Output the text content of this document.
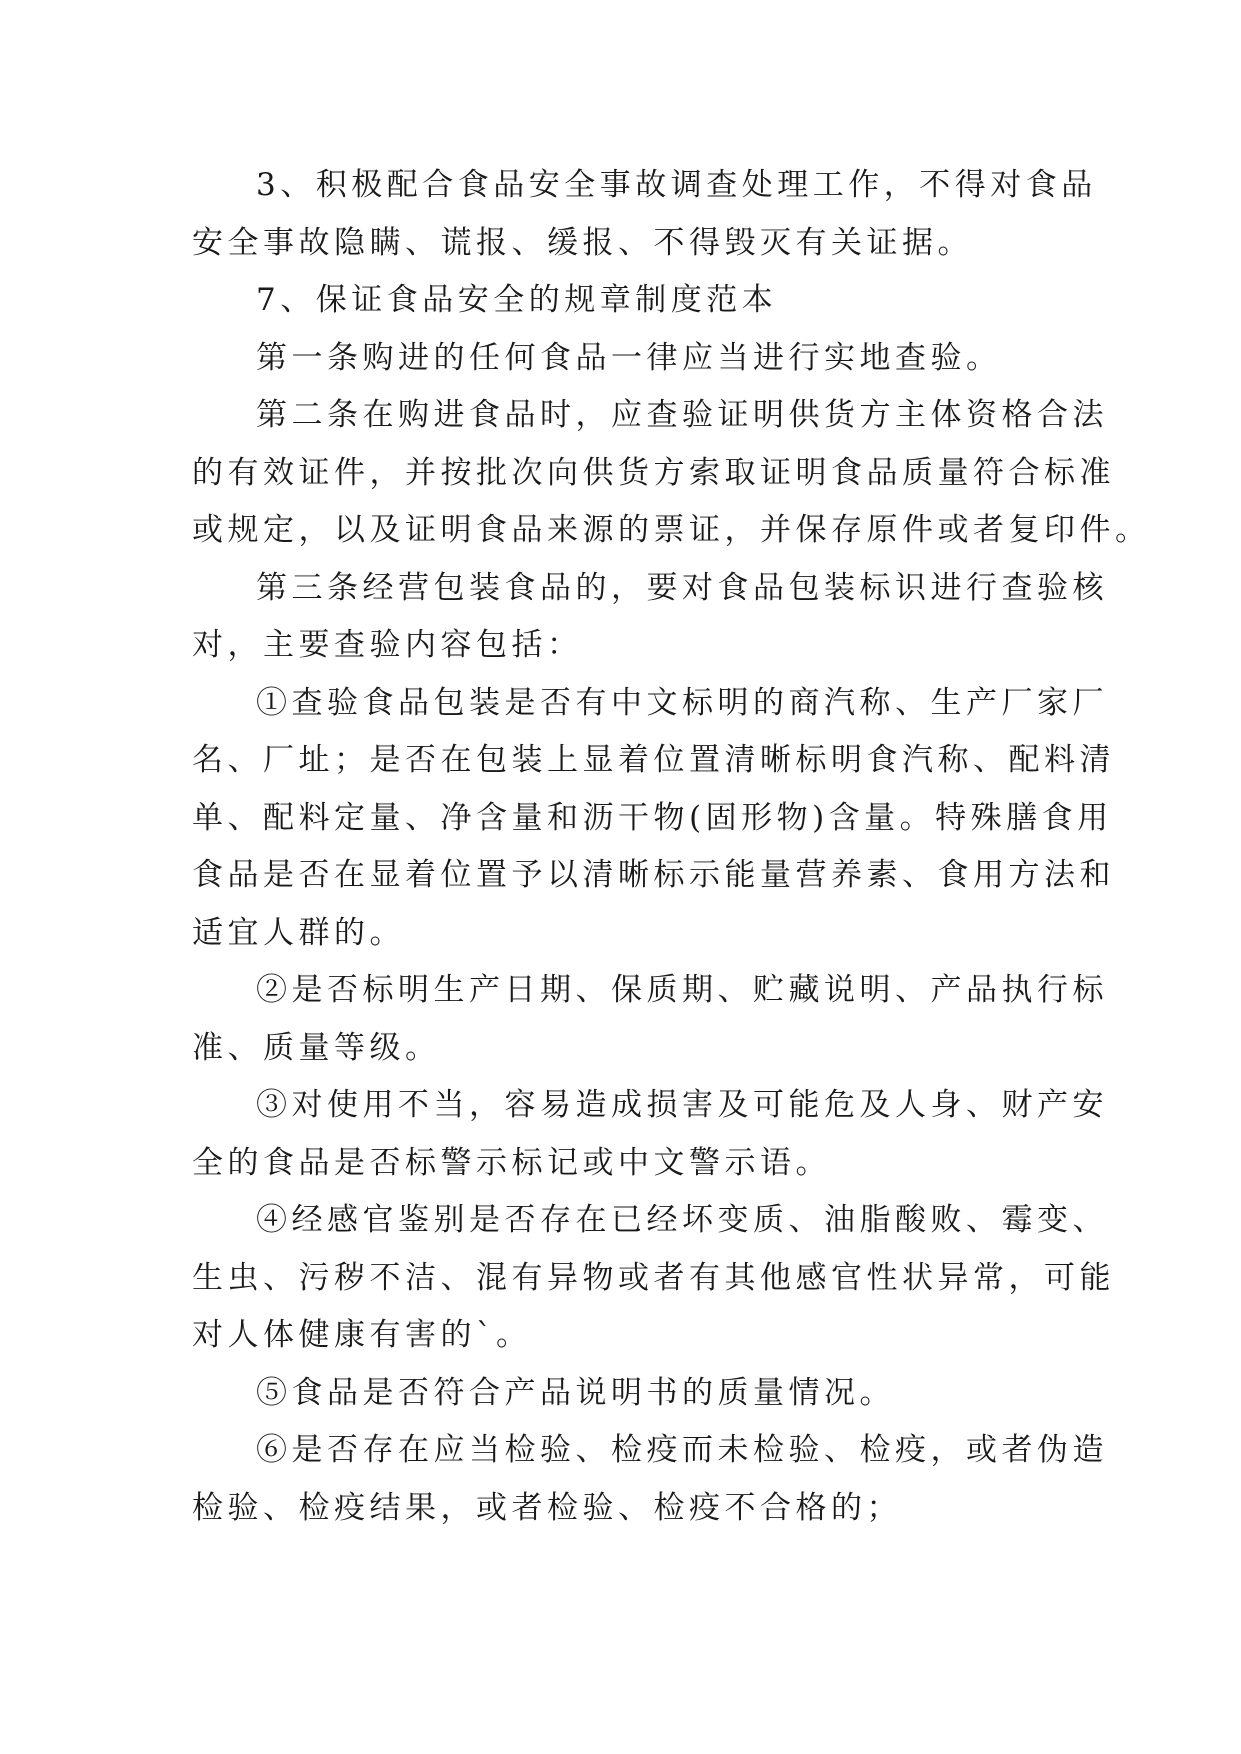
3、积极配合食品安全事故调查处理工作，不得对食品
安全事故隐瞒、谎报、缓报、不得毁灭有关证据。
7、保证食品安全的规章制度范本
第一条购进的任何食品一律应当进行实地查验。
第二条在购进食品时，应查验证明供货方主体资格合法
的有效证件，并按批次向供货方索取证明食品质量符合标准
或规定，以及证明食品来源的票证，并保存原件或者复印件。
第三条经营包装食品的，要对食品包装标识进行查验核
对，主要查验内容包括：
①查验食品包装是否有中文标明的商汽称、生产厂家厂
名、厂址；是否在包装上显着位置清晰标明食汽称、配料清
单、配料定量、净含量和沥干物(固形物)含量。特殊膳食用
食品是否在显着位置予以清晰标示能量营养素、食用方法和
适宜人群的。
②是否标明生产日期、保质期、贮藏说明、产品执行标
准、质量等级。
③对使用不当，容易造成损害及可能危及人身、财产安
全的食品是否标警示标记或中文警示语。
④经感官鉴别是否存在已经坏变质、油脂酸败、霉变、
生虫、污秽不洁、混有异物或者有其他感官性状异常，可能
对人体健康有害的`。
⑤食品是否符合产品说明书的质量情况。
⑥是否存在应当检验、检疫而未检验、检疫，或者伪造
检验、检疫结果，或者检验、检疫不合格的；
